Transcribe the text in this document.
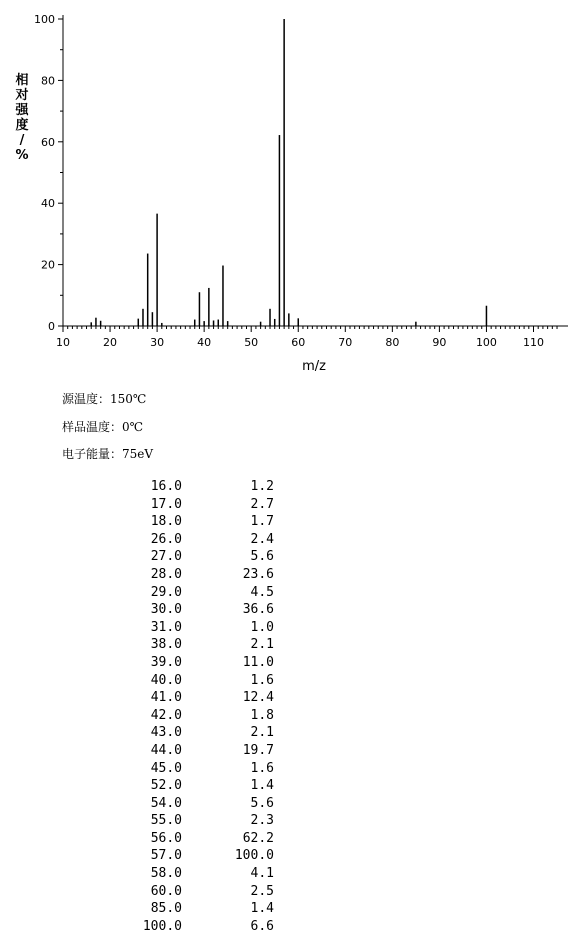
0
20
40
60
80
100
10	20	30	40	50	60	70	80	90	100 110
相
对
强
度
/
%
m/z
源温度：150℃
样品温度：0℃
电子能量：75eV
16.0	1.2
17.0	2.7
18.0	1.7
26.0	2.4
27.0	5.6
28.0	23.6
29.0	4.5
30.0	36.6
31.0	1.0
38.0	2.1
39.0	11.0
40.0	1.6
41.0	12.4
42.0	1.8
43.0	2.1
44.0	19.7
45.0	1.6
52.0	1.4
54.0	5.6
55.0	2.3
56.0	62.2
57.0	100.0
58.0	4.1
60.0	2.5
85.0	1.4
100.0	6.6
